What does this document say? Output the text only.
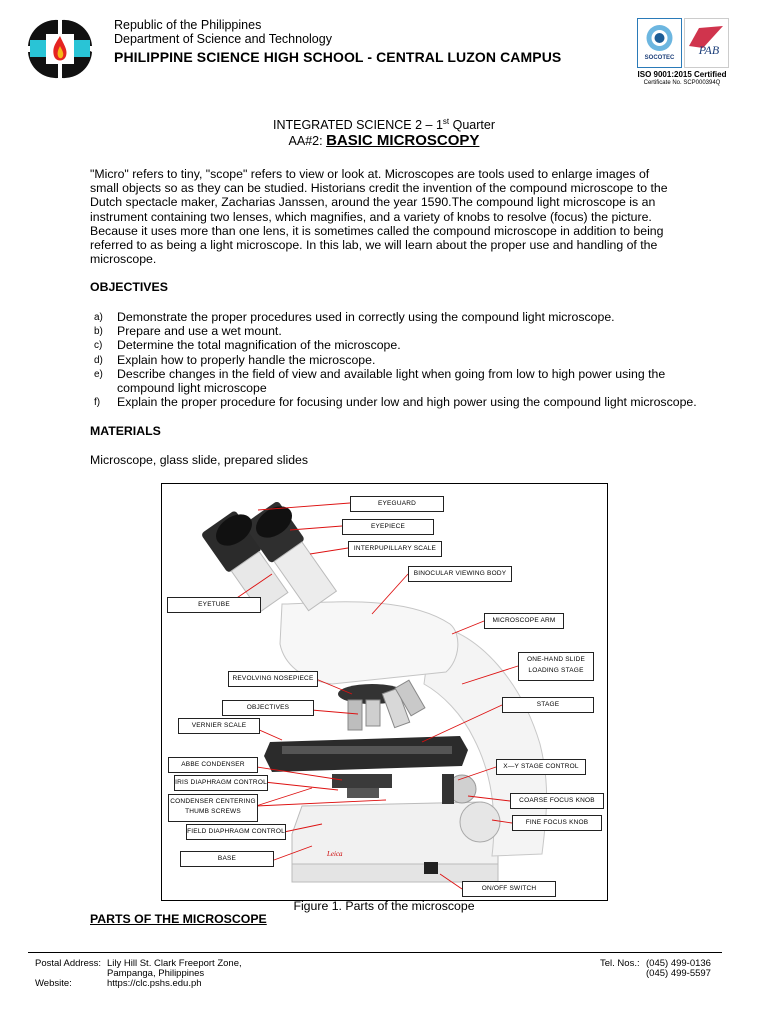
Republic of the Philippines
Department of Science and Technology
PHILIPPINE SCIENCE HIGH SCHOOL - CENTRAL LUZON CAMPUS	SOCOTEC
PAB
ISO 9001:2015 Certified
Certificate No. SCP000394Q
INTEGRATED SCIENCE 2 – 1st Quarter
AA#2: BASIC MICROSCOPY
"Micro" refers to tiny, "scope" refers to view or look at. Microscopes are tools used to enlarge images of small objects so as they can be studied. Historians credit the invention of the compound microscope to the Dutch spectacle maker, Zacharias Janssen, around the year 1590.The compound light microscope is an instrument containing two lenses, which magnifies, and a variety of knobs to resolve (focus) the picture. Because it uses more than one lens, it is sometimes called the compound microscope in addition to being referred to as being a light microscope. In this lab, we will learn about the proper use and handling of the microscope.
OBJECTIVES
a) Demonstrate the proper procedures used in correctly using the compound light microscope.
b) Prepare and use a wet mount.
c) Determine the total magnification of the microscope.
d) Explain how to properly handle the microscope.
e) Describe changes in the field of view and available light when going from low to high power using the compound light microscope
f) Explain the proper procedure for focusing under low and high power using the compound light microscope.
MATERIALS
Microscope, glass slide, prepared slides
Leica
EYEGUARD
EYEPIECE
INTERPUPILLARY SCALE
BINOCULAR VIEWING BODY
EYETUBE
MICROSCOPE ARM
ONE-HAND SLIDE LOADING STAGE
REVOLVING NOSEPIECE
OBJECTIVES	STAGE
VERNIER SCALE
ABBE CONDENSER	X—Y STAGE CONTROL
IRIS DIAPHRAGM CONTROL
COARSE FOCUS KNOB
CONDENSER CENTERING THUMB SCREWS
FINE FOCUS KNOB
FIELD DIAPHRAGM CONTROL
BASE
ON/OFF SWITCH
Figure 1. Parts of the microscope
PARTS OF THE MICROSCOPE
Postal Address: Lily Hill St. Clark Freeport Zone,
Pampanga, Philippines
Website:	https://clc.pshs.edu.ph
Tel. Nos.: (045) 499-0136
(045) 499-5597
